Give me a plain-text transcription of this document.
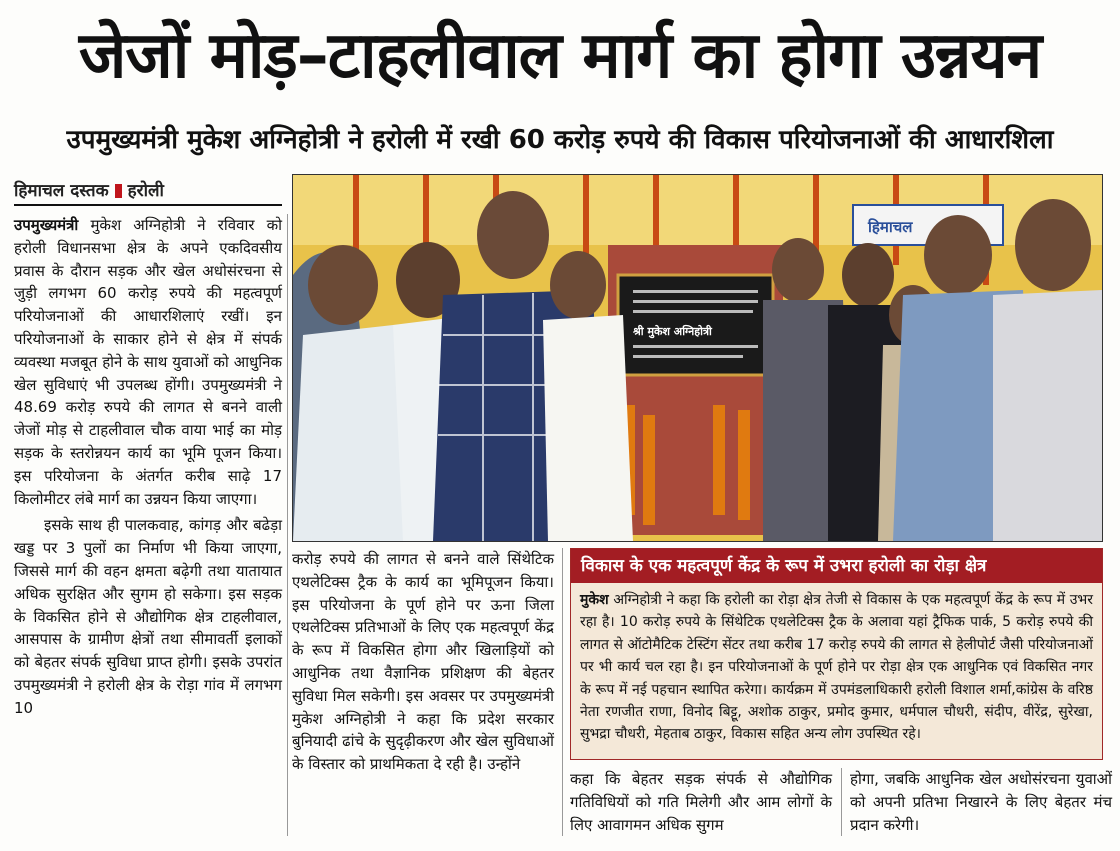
जेजों मोड़–टाहलीवाल मार्ग का होगा उन्नयन
उपमुख्यमंत्री मुकेश अग्निहोत्री ने हरोली में रखी 60 करोड़ रुपये की विकास परियोजनाओं की आधारशिला
हिमाचल दस्तक हरोली

उपमुख्यमंत्री मुकेश अग्निहोत्री ने रविवार को हरोली विधानसभा क्षेत्र के अपने एकदिवसीय प्रवास के दौरान सड़क और खेल अधोसंरचना से जुड़ी लगभग 60 करोड़ रुपये की महत्वपूर्ण परियोजनाओं की आधारशिलाएं रखीं। इन परियोजनाओं के साकार होने से क्षेत्र में संपर्क व्यवस्था मजबूत होने के साथ युवाओं को आधुनिक खेल सुविधाएं भी उपलब्ध होंगी। उपमुख्यमंत्री ने 48.69 करोड़ रुपये की लागत से बनने वाली जेजों मोड़ से टाहलीवाल चौक वाया भाई का मोड़ सड़क के स्तरोन्नयन कार्य का भूमि पूजन किया। इस परियोजना के अंतर्गत करीब साढ़े 17 किलोमीटर लंबे मार्ग का उन्नयन किया जाएगा।

इसके साथ ही पालकवाह, कांगड़ और बढेड़ा खड्ड पर 3 पुलों का निर्माण भी किया जाएगा, जिससे मार्ग की वहन क्षमता बढ़ेगी तथा यातायात अधिक सुरक्षित और सुगम हो सकेगा। इस सड़क के विकसित होने से औद्योगिक क्षेत्र टाहलीवाल, आसपास के ग्रामीण क्षेत्रों तथा सीमावर्ती इलाकों को बेहतर संपर्क सुविधा प्राप्त होगी। इसके उपरांत उपमुख्यमंत्री ने हरोली क्षेत्र के रोड़ा गांव में लगभग 10

हिमाचल
श्री मुकेश अग्निहोत्री
करोड़ रुपये की लागत से बनने वाले सिंथेटिक एथलेटिक्स ट्रैक के कार्य का भूमिपूजन किया। इस परियोजना के पूर्ण होने पर ऊना जिला एथलेटिक्स प्रतिभाओं के लिए एक महत्वपूर्ण केंद्र के रूप में विकसित होगा और खिलाड़ियों को आधुनिक तथा वैज्ञानिक प्रशिक्षण की बेहतर सुविधा मिल सकेगी। इस अवसर पर उपमुख्यमंत्री मुकेश अग्निहोत्री ने कहा कि प्रदेश सरकार बुनियादी ढांचे के सुदृढ़ीकरण और खेल सुविधाओं के विस्तार को प्राथमिकता दे रही है। उन्होंने
विकास के एक महत्वपूर्ण केंद्र के रूप में उभरा हरोली का रोड़ा क्षेत्र
मुकेश अग्निहोत्री ने कहा कि हरोली का रोड़ा क्षेत्र तेजी से विकास के एक महत्वपूर्ण केंद्र के रूप में उभर रहा है। 10 करोड़ रुपये के सिंथेटिक एथलेटिक्स ट्रैक के अलावा यहां ट्रैफिक पार्क, 5 करोड़ रुपये की लागत से ऑटोमैटिक टेस्टिंग सेंटर तथा करीब 17 करोड़ रुपये की लागत से हेलीपोर्ट जैसी परियोजनाओं पर भी कार्य चल रहा है। इन परियोजनाओं के पूर्ण होने पर रोड़ा क्षेत्र एक आधुनिक एवं विकसित नगर के रूप में नई पहचान स्थापित करेगा। कार्यक्रम में उपमंडलाधिकारी हरोली विशाल शर्मा,कांग्रेस के वरिष्ठ नेता रणजीत राणा, विनोद बिट्टू, अशोक ठाकुर, प्रमोद कुमार, धर्मपाल चौधरी, संदीप, वीरेंद्र, सुरेखा, सुभद्रा चौधरी, मेहताब ठाकुर, विकास सहित अन्य लोग उपस्थित रहे।
कहा कि बेहतर सड़क संपर्क से औद्योगिक गतिविधियों को गति मिलेगी और आम लोगों के लिए आवागमन अधिक सुगम
होगा, जबकि आधुनिक खेल अधोसंरचना युवाओं को अपनी प्रतिभा निखारने के लिए बेहतर मंच प्रदान करेगी।
